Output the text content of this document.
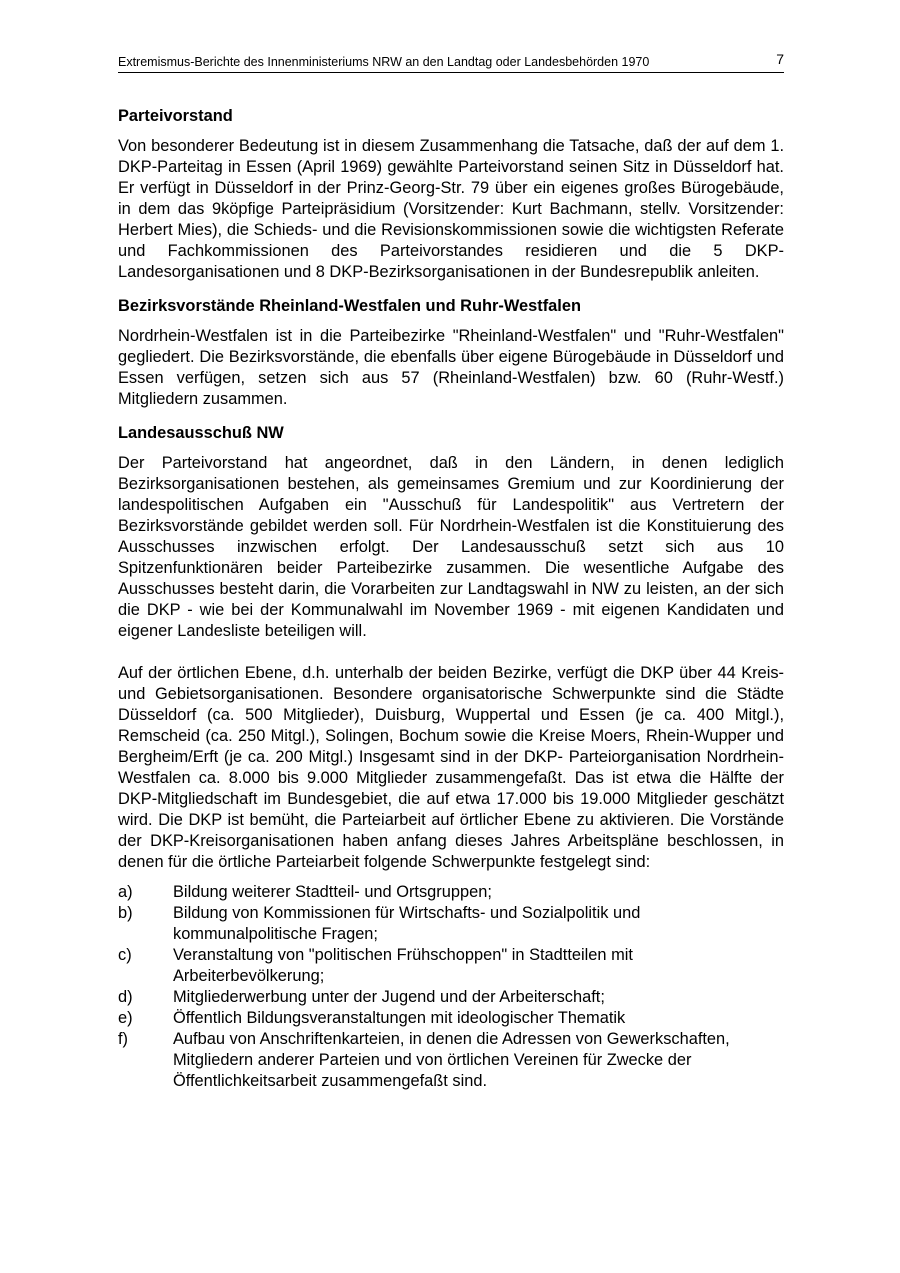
Extremismus-Berichte des Innenministeriums NRW an den Landtag oder Landesbehörden 1970	7
Parteivorstand

Von besonderer Bedeutung ist in diesem Zusammenhang die Tatsache, daß der auf dem 1. DKP-Parteitag in Essen (April 1969) gewählte Parteivorstand seinen Sitz in Düsseldorf hat. Er verfügt in Düsseldorf in der Prinz-Georg-Str. 79 über ein eigenes großes Bürogebäude, in dem das 9köpfige Parteipräsidium (Vorsitzender: Kurt Bachmann, stellv. Vorsitzender: Herbert Mies), die Schieds- und die Revisionskommissionen sowie die wichtigsten Referate und Fachkommissionen des Parteivorstandes residieren und die 5 DKP-Landesorganisationen und 8 DKP-Bezirksorganisationen in der Bundesrepublik anleiten.

Bezirksvorstände Rheinland-Westfalen und Ruhr-Westfalen

Nordrhein-Westfalen ist in die Parteibezirke "Rheinland-Westfalen" und "Ruhr-Westfalen" gegliedert. Die Bezirksvorstände, die ebenfalls über eigene Bürogebäude in Düsseldorf und Essen verfügen, setzen sich aus 57 (Rheinland-Westfalen) bzw. 60 (Ruhr-Westf.) Mitgliedern zusammen.

Landesausschuß NW

Der Parteivorstand hat angeordnet, daß in den Ländern, in denen lediglich Bezirksorganisationen bestehen, als gemeinsames Gremium und zur Koordinierung der landespolitischen Aufgaben ein "Ausschuß für Landespolitik" aus Vertretern der Bezirksvorstände gebildet werden soll. Für Nordrhein-Westfalen ist die Konstituierung des Ausschusses inzwischen erfolgt. Der Landesausschuß setzt sich aus 10 Spitzenfunktionären beider Parteibezirke zusammen. Die wesentliche Aufgabe des Ausschusses besteht darin, die Vorarbeiten zur Landtagswahl in NW zu leisten, an der sich die DKP - wie bei der Kommunalwahl im November 1969 - mit eigenen Kandidaten und eigener Landesliste beteiligen will.

Auf der örtlichen Ebene, d.h. unterhalb der beiden Bezirke, verfügt die DKP über 44 Kreis- und Gebietsorganisationen. Besondere organisatorische Schwerpunkte sind die Städte Düsseldorf (ca. 500 Mitglieder), Duisburg, Wuppertal und Essen (je ca. 400 Mitgl.), Remscheid (ca. 250 Mitgl.), Solingen, Bochum sowie die Kreise Moers, Rhein-Wupper und Bergheim/Erft (je ca. 200 Mitgl.) Insgesamt sind in der DKP- Parteiorganisation Nordrhein-Westfalen ca. 8.000 bis 9.000 Mitglieder zusammengefaßt. Das ist etwa die Hälfte der DKP-Mitgliedschaft im Bundesgebiet, die auf etwa 17.000 bis 19.000 Mitglieder geschätzt wird. Die DKP ist bemüht, die Parteiarbeit auf örtlicher Ebene zu aktivieren. Die Vorstände der DKP-Kreisorganisationen haben anfang dieses Jahres Arbeitspläne beschlossen, in denen für die örtliche Parteiarbeit folgende Schwerpunkte festgelegt sind:

a) Bildung weiterer Stadtteil- und Ortsgruppen;
b) Bildung von Kommissionen für Wirtschafts- und Sozialpolitik und kommunalpolitische Fragen;
c)	Veranstaltung von "politischen Frühschoppen" in Stadtteilen mit Arbeiterbevölkerung;
d) Mitgliederwerbung unter der Jugend und der Arbeiterschaft;
e) Öffentlich Bildungsveranstaltungen mit ideologischer Thematik
f)	Aufbau von Anschriftenkarteien, in denen die Adressen von Gewerkschaften, Mitgliedern anderer Parteien und von örtlichen Vereinen für Zwecke der Öffentlichkeitsarbeit zusammengefaßt sind.
